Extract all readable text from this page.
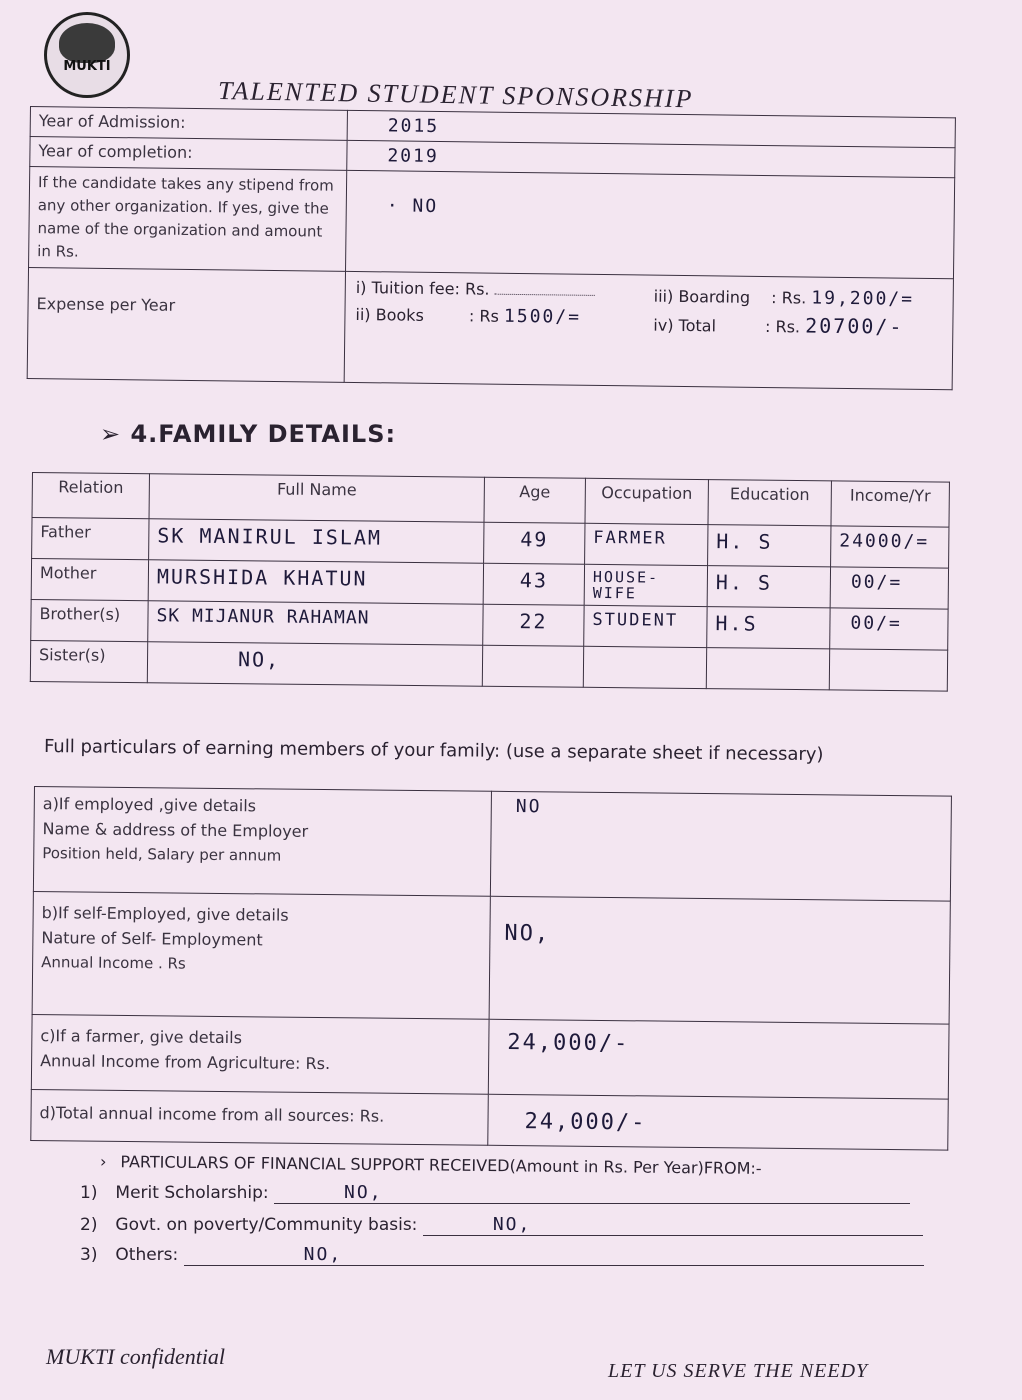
MUKTI
TALENTED STUDENT SPONSORSHIP
Year of Admission:	2015
Year of completion:	2019
If the candidate takes any stipend from any other organization. If yes, give the name of the organization and amount in Rs.	· NO
Expense per Year	i) Tuition fee: Rs.
ii) Books : Rs 1500/=
iii) Boarding : Rs. 19,200/=
iv) Total : Rs. 20700/-
➢ 4.FAMILY DETAILS:
Relation	Full Name	Age	Occupation	Education	Income/Yr
Father	SK MANIRUL ISLAM	49	FARMER	H. S	24000/=
Mother	MURSHIDA KHATUN	43	HOUSE-WIFE	H. S	00/=
Brother(s)	SK MIJANUR RAHAMAN	22	STUDENT	H.S	00/=
Sister(s)	NO,				
Full particulars of earning members of your family: (use a separate sheet if necessary)
a)If employed ,give details
Name & address of the Employer
Position held, Salary per annum	NO

b)If self-Employed, give details
Nature of Self- Employment
Annual Income . Rs	NO,

c)If a farmer, give details
Annual Income from Agriculture: Rs.	24,000/-
d)Total annual income from all sources: Rs.	24,000/-
› PARTICULARS OF FINANCIAL SUPPORT RECEIVED(Amount in Rs. Per Year)FROM:-
1) Merit Scholarship:	NO,
2) Govt. on poverty/Community basis:	NO,
3) Others:	NO,
MUKTI confidential
LET US SERVE THE NEEDY
